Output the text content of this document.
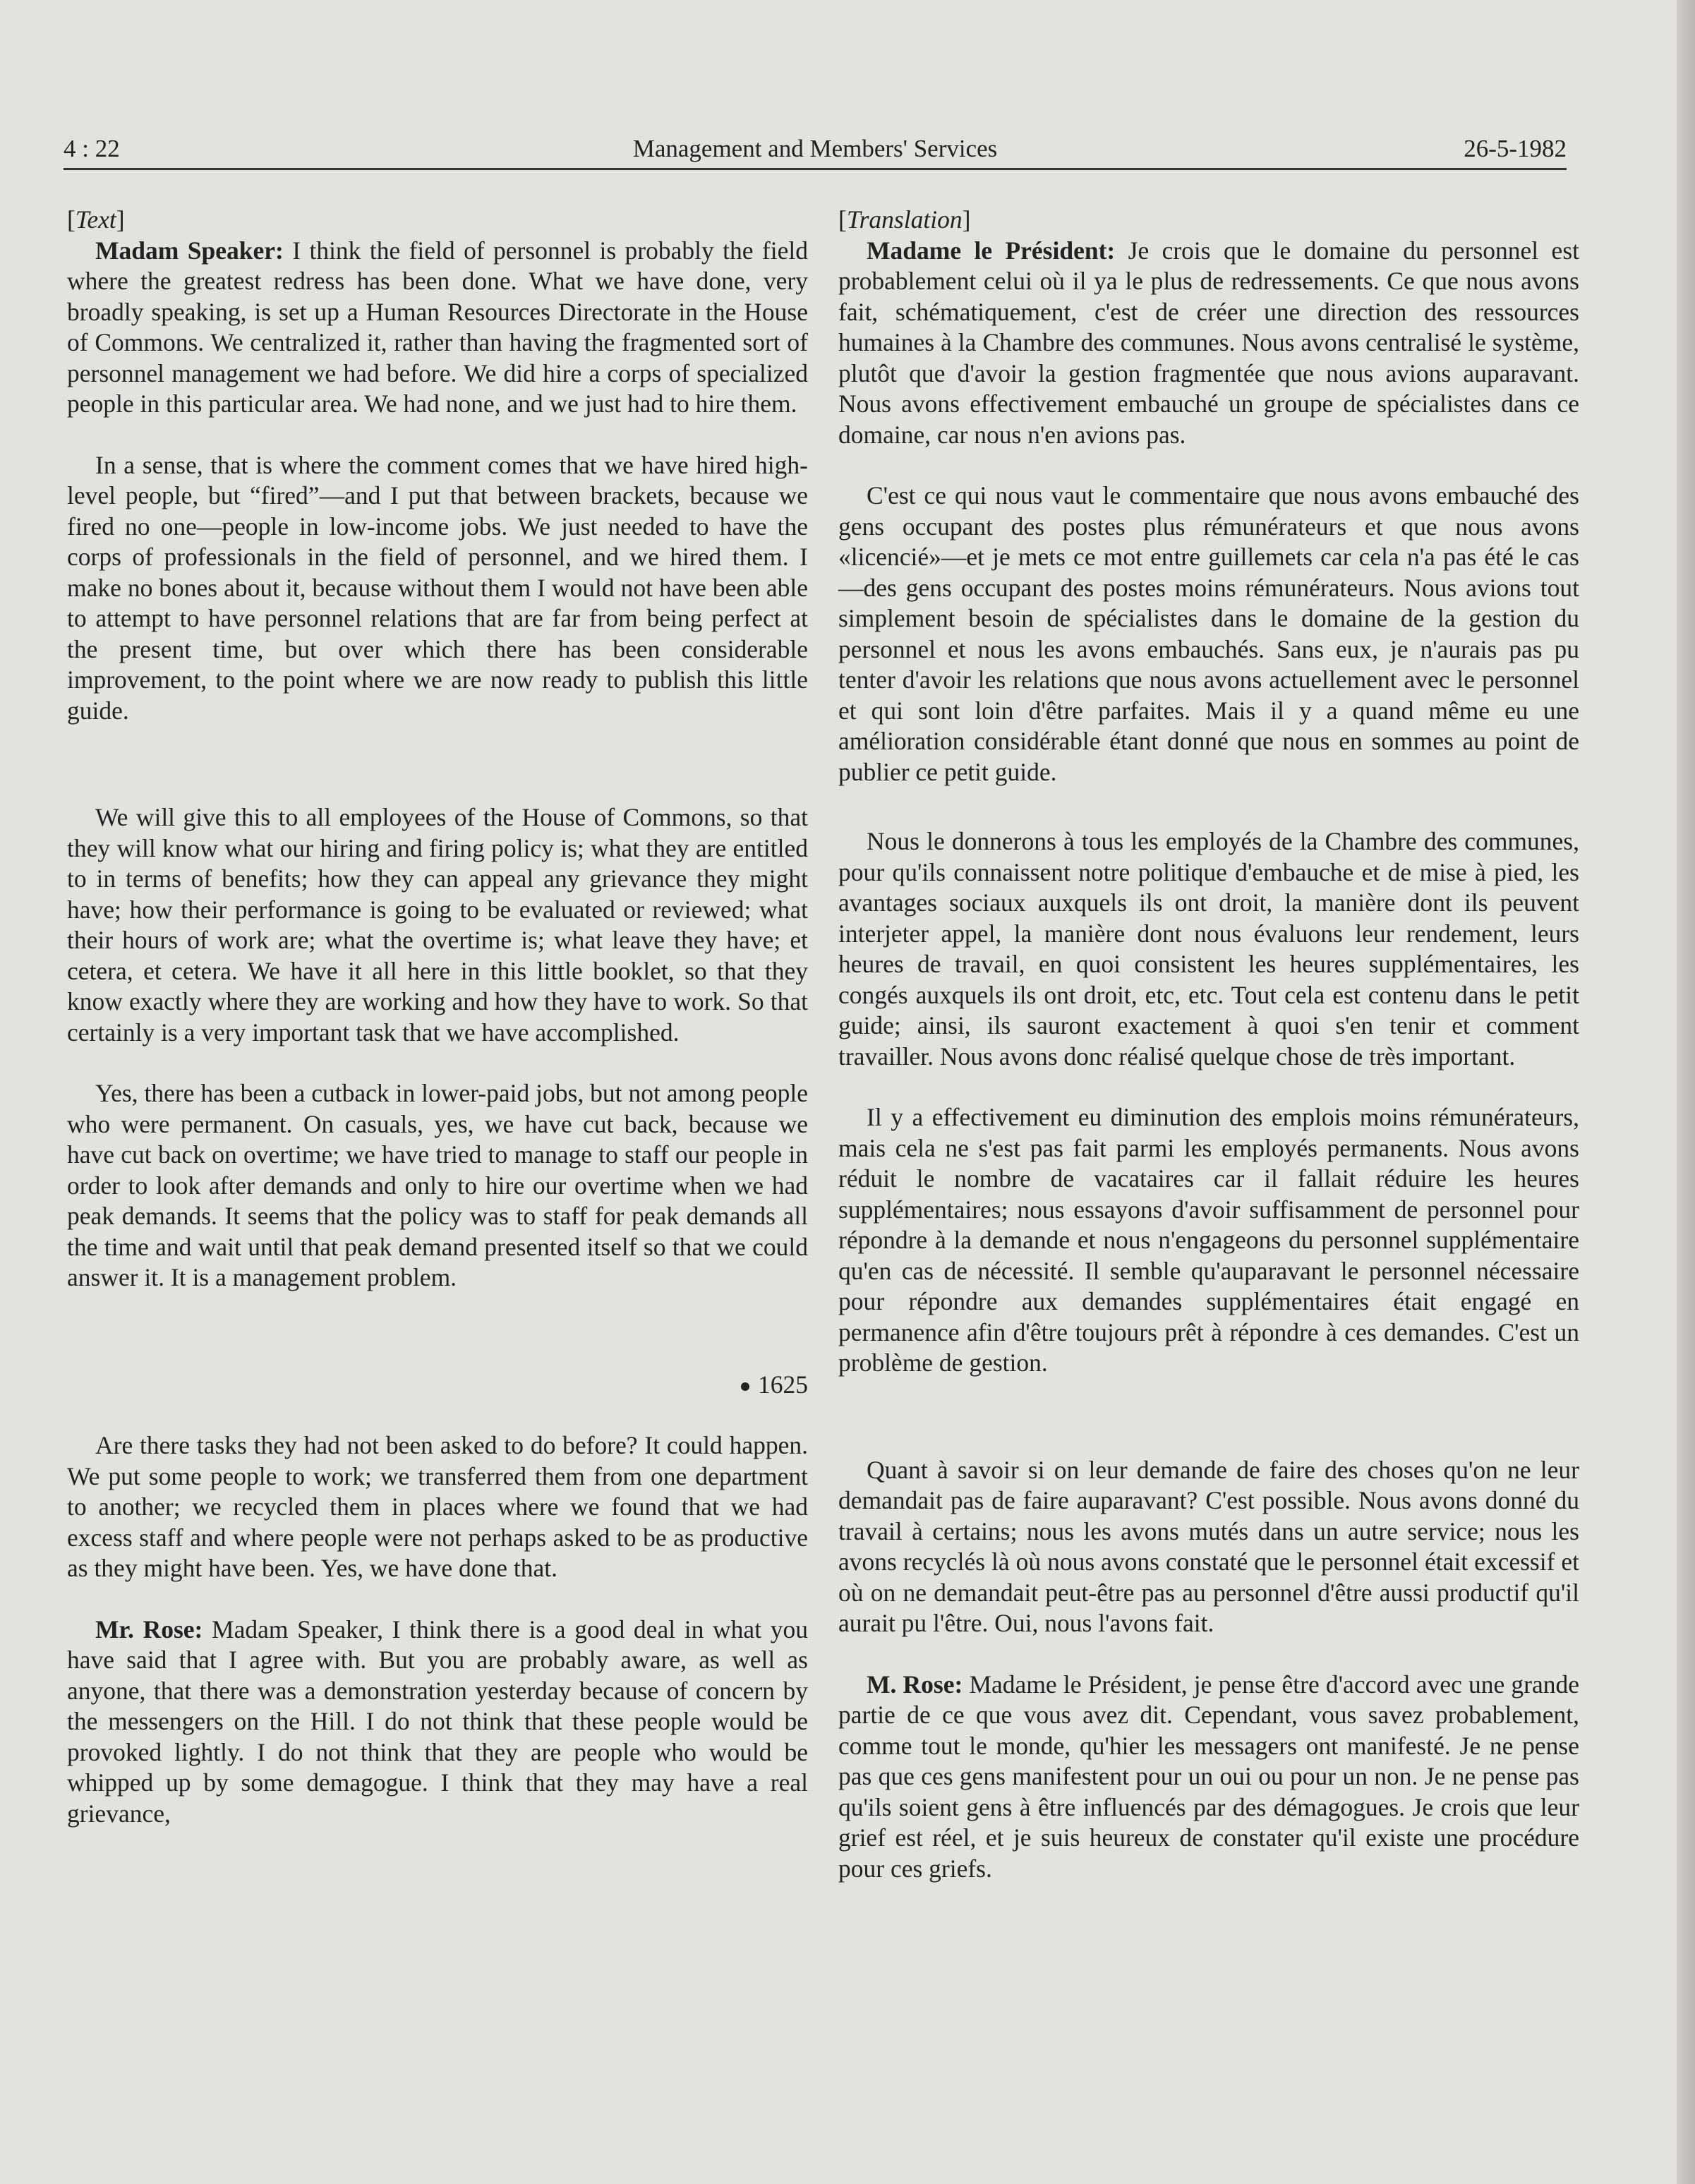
4 : 22	Management and Members' Services	26-5-1982

[Text]

Madam Speaker: I think the field of personnel is probably the field where the greatest redress has been done. What we have done, very broadly speaking, is set up a Human Resources Directorate in the House of Commons. We centralized it, rather than having the fragmented sort of personnel management we had before. We did hire a corps of specialized people in this particular area. We had none, and we just had to hire them.

In a sense, that is where the comment comes that we have hired high-level people, but “fired”—and I put that between brackets, because we fired no one—people in low-income jobs. We just needed to have the corps of professionals in the field of personnel, and we hired them. I make no bones about it, because without them I would not have been able to attempt to have personnel relations that are far from being perfect at the present time, but over which there has been considerable improvement, to the point where we are now ready to publish this little guide.

We will give this to all employees of the House of Commons, so that they will know what our hiring and firing policy is; what they are entitled to in terms of benefits; how they can appeal any grievance they might have; how their performance is going to be evaluated or reviewed; what their hours of work are; what the overtime is; what leave they have; et cetera, et cetera. We have it all here in this little booklet, so that they know exactly where they are working and how they have to work. So that certainly is a very important task that we have accomplished.

Yes, there has been a cutback in lower-paid jobs, but not among people who were permanent. On casuals, yes, we have cut back, because we have cut back on overtime; we have tried to manage to staff our people in order to look after demands and only to hire our overtime when we had peak demands. It seems that the policy was to staff for peak demands all the time and wait until that peak demand presented itself so that we could answer it. It is a management problem.

1625

Are there tasks they had not been asked to do before? It could happen. We put some people to work; we transferred them from one department to another; we recycled them in places where we found that we had excess staff and where people were not perhaps asked to be as productive as they might have been. Yes, we have done that.

Mr. Rose: Madam Speaker, I think there is a good deal in what you have said that I agree with. But you are probably aware, as well as anyone, that there was a demonstration yesterday because of concern by the messengers on the Hill. I do not think that these people would be provoked lightly. I do not think that they are people who would be whipped up by some demagogue. I think that they may have a real grievance,

[Translation]

Madame le Président: Je crois que le domaine du personnel est probablement celui où il ya le plus de redressements. Ce que nous avons fait, schématiquement, c'est de créer une direction des ressources humaines à la Chambre des communes. Nous avons centralisé le système, plutôt que d'avoir la gestion fragmentée que nous avions auparavant. Nous avons effectivement embauché un groupe de spécialistes dans ce domaine, car nous n'en avions pas.

C'est ce qui nous vaut le commentaire que nous avons embauché des gens occupant des postes plus rémunérateurs et que nous avons «licencié»—et je mets ce mot entre guillemets car cela n'a pas été le cas—des gens occupant des postes moins rémunérateurs. Nous avions tout simplement besoin de spécialistes dans le domaine de la gestion du personnel et nous les avons embauchés. Sans eux, je n'aurais pas pu tenter d'avoir les relations que nous avons actuellement avec le personnel et qui sont loin d'être parfaites. Mais il y a quand même eu une amélioration considérable étant donné que nous en sommes au point de publier ce petit guide.

Nous le donnerons à tous les employés de la Chambre des communes, pour qu'ils connaissent notre politique d'embauche et de mise à pied, les avantages sociaux auxquels ils ont droit, la manière dont ils peuvent interjeter appel, la manière dont nous évaluons leur rendement, leurs heures de travail, en quoi consistent les heures supplémentaires, les congés auxquels ils ont droit, etc, etc. Tout cela est contenu dans le petit guide; ainsi, ils sauront exactement à quoi s'en tenir et comment travailler. Nous avons donc réalisé quelque chose de très important.

Il y a effectivement eu diminution des emplois moins rémunérateurs, mais cela ne s'est pas fait parmi les employés permanents. Nous avons réduit le nombre de vacataires car il fallait réduire les heures supplémentaires; nous essayons d'avoir suffisamment de personnel pour répondre à la demande et nous n'engageons du personnel supplémentaire qu'en cas de nécessité. Il semble qu'auparavant le personnel nécessaire pour répondre aux demandes supplémentaires était engagé en permanence afin d'être toujours prêt à répondre à ces demandes. C'est un problème de gestion.

Quant à savoir si on leur demande de faire des choses qu'on ne leur demandait pas de faire auparavant? C'est possible. Nous avons donné du travail à certains; nous les avons mutés dans un autre service; nous les avons recyclés là où nous avons constaté que le personnel était excessif et où on ne demandait peut-être pas au personnel d'être aussi productif qu'il aurait pu l'être. Oui, nous l'avons fait.

M. Rose: Madame le Président, je pense être d'accord avec une grande partie de ce que vous avez dit. Cependant, vous savez probablement, comme tout le monde, qu'hier les messagers ont manifesté. Je ne pense pas que ces gens manifestent pour un oui ou pour un non. Je ne pense pas qu'ils soient gens à être influencés par des démagogues. Je crois que leur grief est réel, et je suis heureux de constater qu'il existe une procédure pour ces griefs.
